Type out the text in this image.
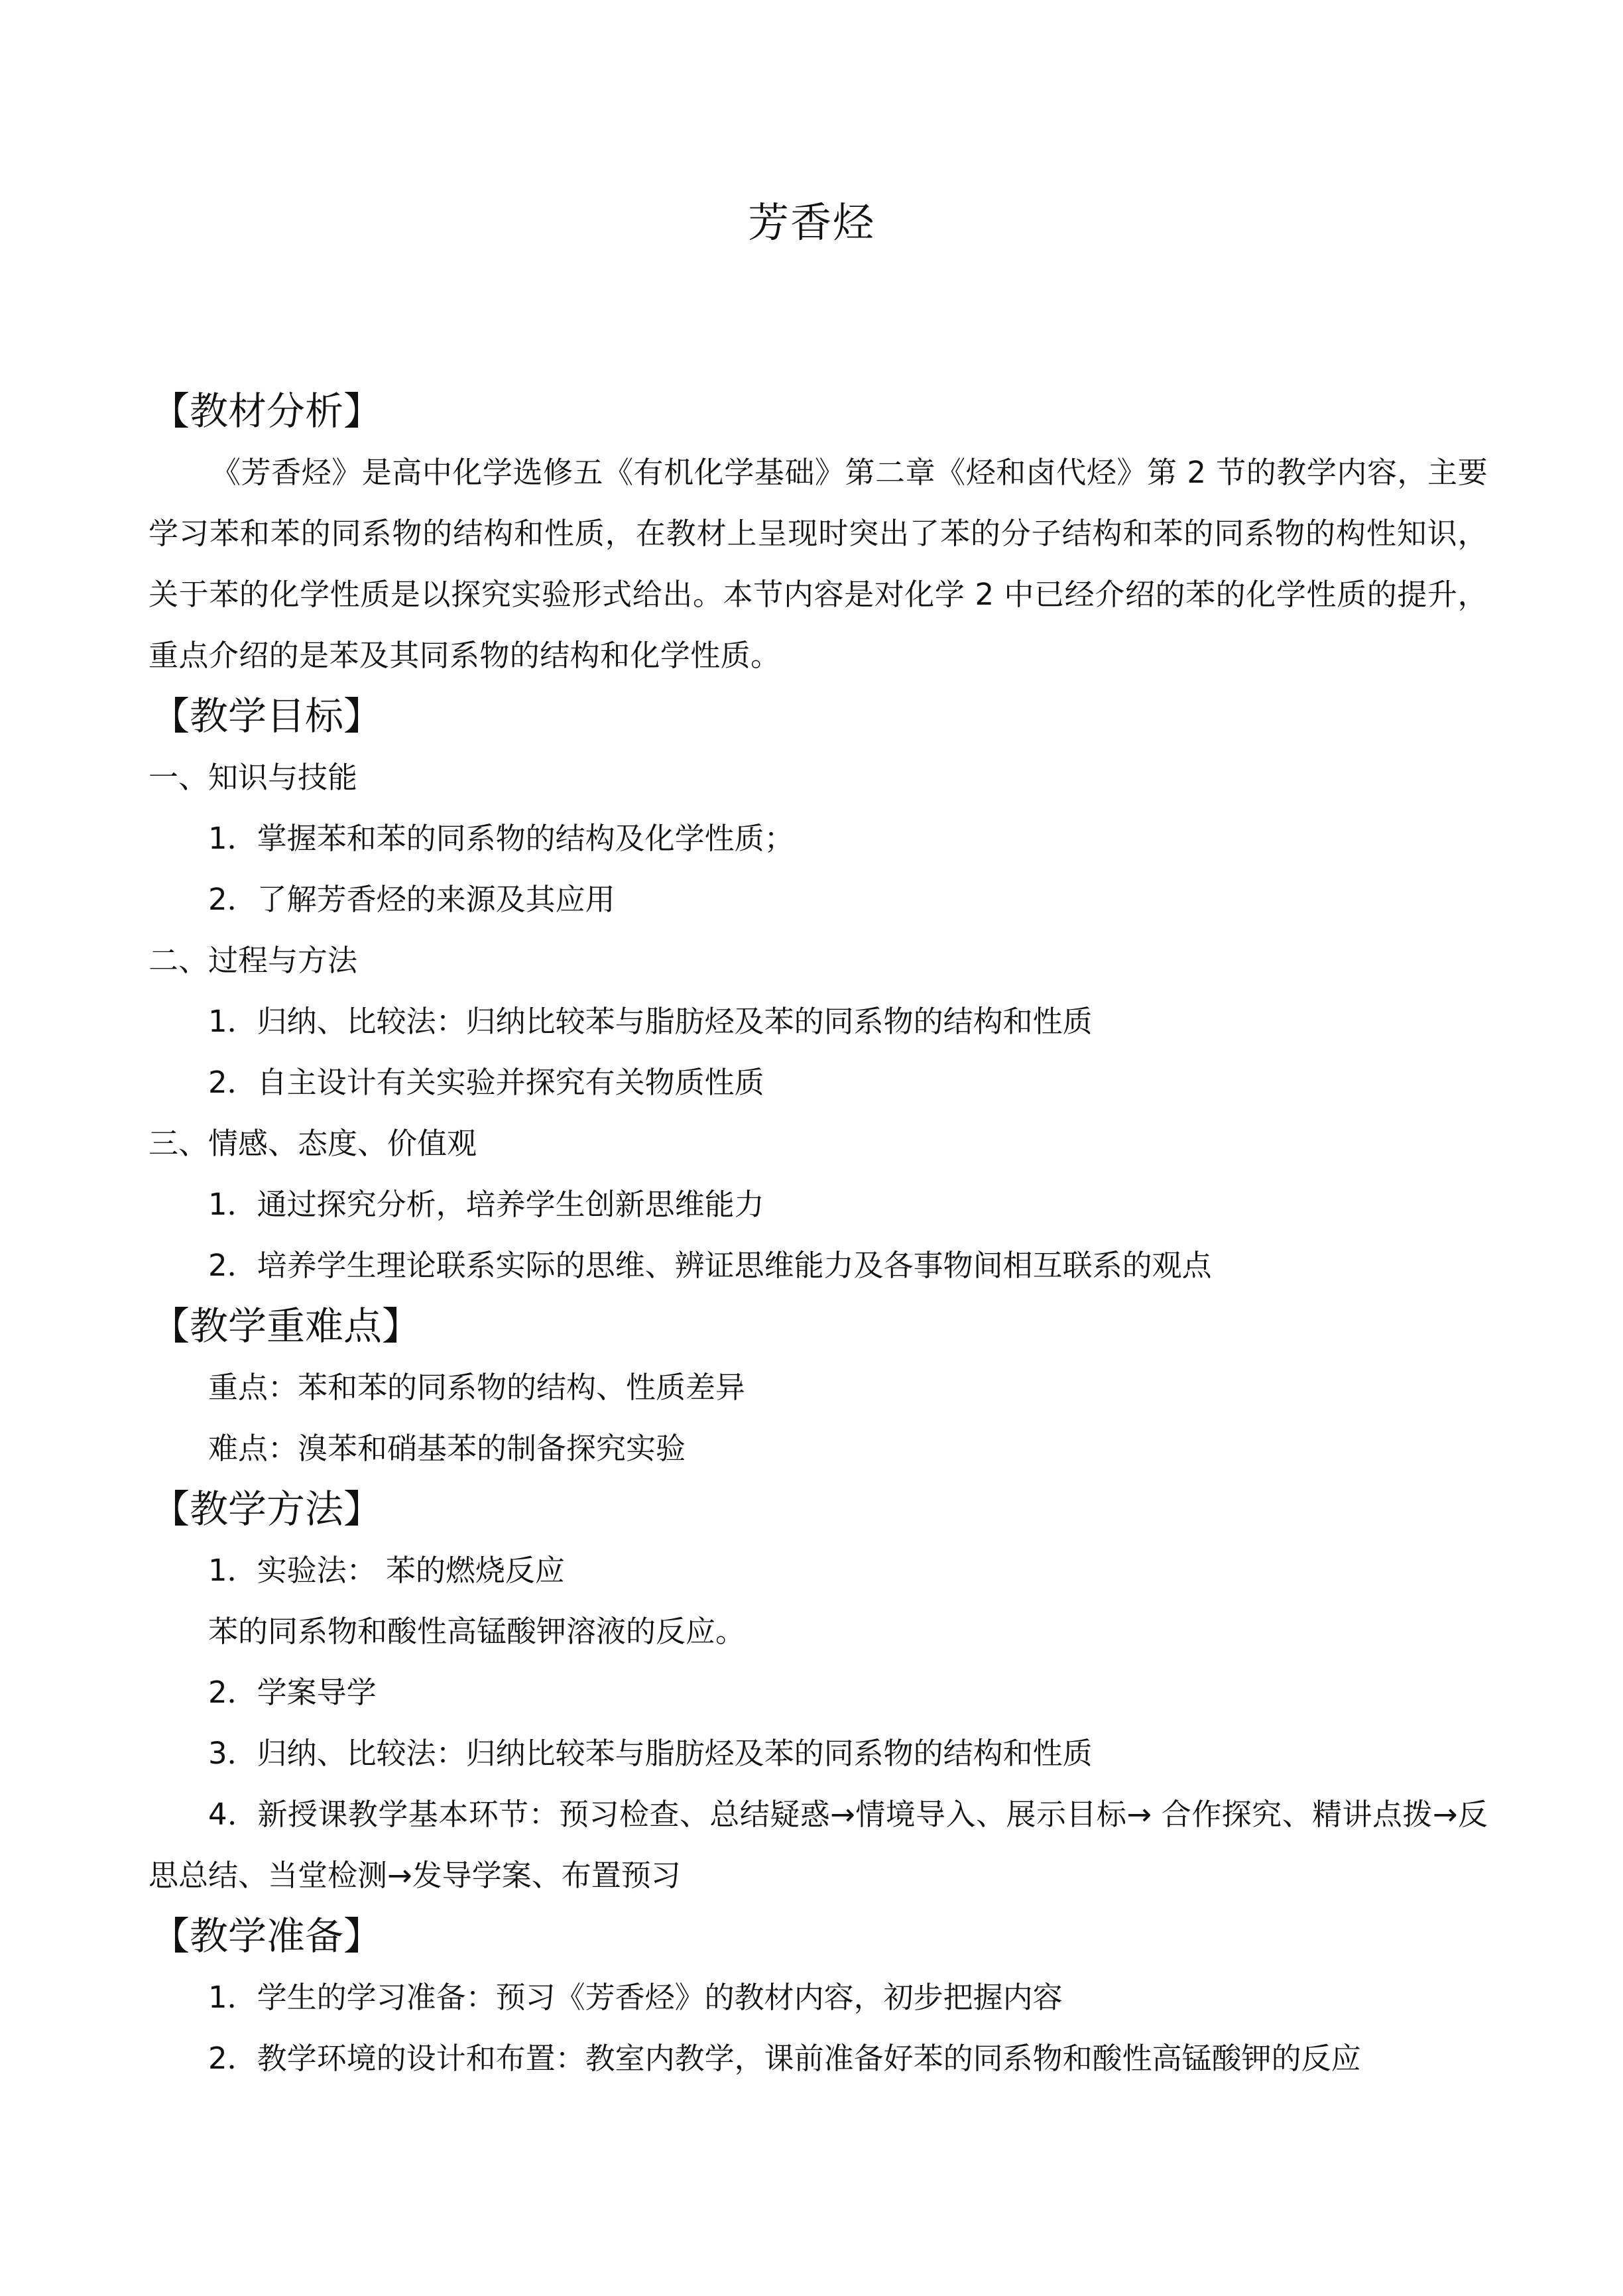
芳香烃
【教材分析】
《芳香烃》是高中化学选修五《有机化学基础》第二章《烃和卤代烃》第 2 节的教学内容，主要学习苯和苯的同系物的结构和性质，在教材上呈现时突出了苯的分子结构和苯的同系物的构性知识，关于苯的化学性质是以探究实验形式给出。本节内容是对化学 2 中已经介绍的苯的化学性质的提升，重点介绍的是苯及其同系物的结构和化学性质。
【教学目标】
一、知识与技能
1．掌握苯和苯的同系物的结构及化学性质；
2．了解芳香烃的来源及其应用
二、过程与方法
1．归纳、比较法：归纳比较苯与脂肪烃及苯的同系物的结构和性质
2．自主设计有关实验并探究有关物质性质
三、情感、态度、价值观
1．通过探究分析，培养学生创新思维能力
2．培养学生理论联系实际的思维、辨证思维能力及各事物间相互联系的观点
【教学重难点】
重点：苯和苯的同系物的结构、性质差异
难点：溴苯和硝基苯的制备探究实验
【教学方法】
1．实验法： 苯的燃烧反应
苯的同系物和酸性高锰酸钾溶液的反应。
2．学案导学
3．归纳、比较法：归纳比较苯与脂肪烃及苯的同系物的结构和性质
4．新授课教学基本环节：预习检查、总结疑惑→情境导入、展示目标→ 合作探究、精讲点拨→反思总结、当堂检测→发导学案、布置预习
【教学准备】
1．学生的学习准备：预习《芳香烃》的教材内容，初步把握内容
2．教学环境的设计和布置：教室内教学，课前准备好苯的同系物和酸性高锰酸钾的反应
